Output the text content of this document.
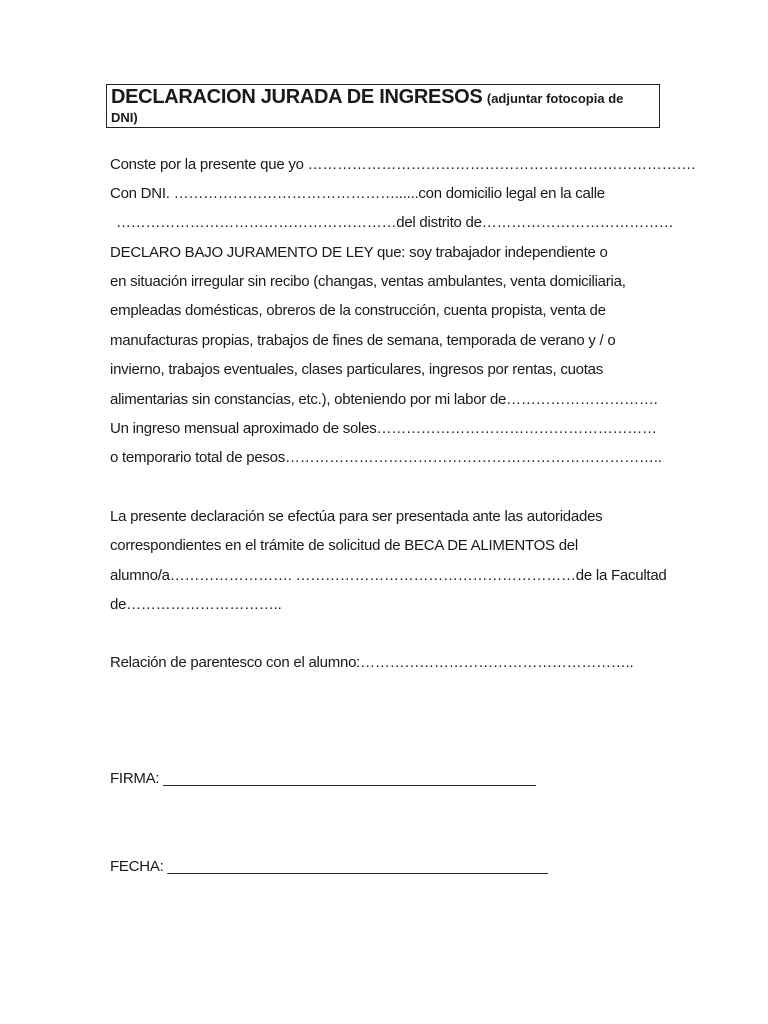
DECLARACION JURADA DE INGRESOS (adjuntar fotocopia de DNI)
Conste por la presente que yo …………………………………………………………………….
Con DNI. ………………………………………......con domicilio legal en la calle
…………………………………………………del distrito de…………………………………
DECLARO BAJO JURAMENTO DE LEY que: soy trabajador independiente o
en situación irregular sin recibo (changas, ventas ambulantes, venta domiciliaria,
empleadas domésticas, obreros de la construcción, cuenta propista, venta de
manufacturas propias, trabajos de fines de semana, temporada de verano y / o
invierno, trabajos eventuales, clases particulares, ingresos por rentas, cuotas
alimentarias sin constancias, etc.), obteniendo por mi labor de………………………….
Un ingreso mensual aproximado de soles…………………………………………………
o temporario total de pesos…………………………………………………………………..
La presente declaración se efectúa para ser presentada ante las autoridades
correspondientes en el trámite de solicitud de BECA DE ALIMENTOS del
alumno/a……………………. …………………………………………………de la Facultad
de…………………………..
Relación de parentesco con el alumno:………………………………………………..
FIRMA: ______________________________________________
FECHA: _______________________________________________
